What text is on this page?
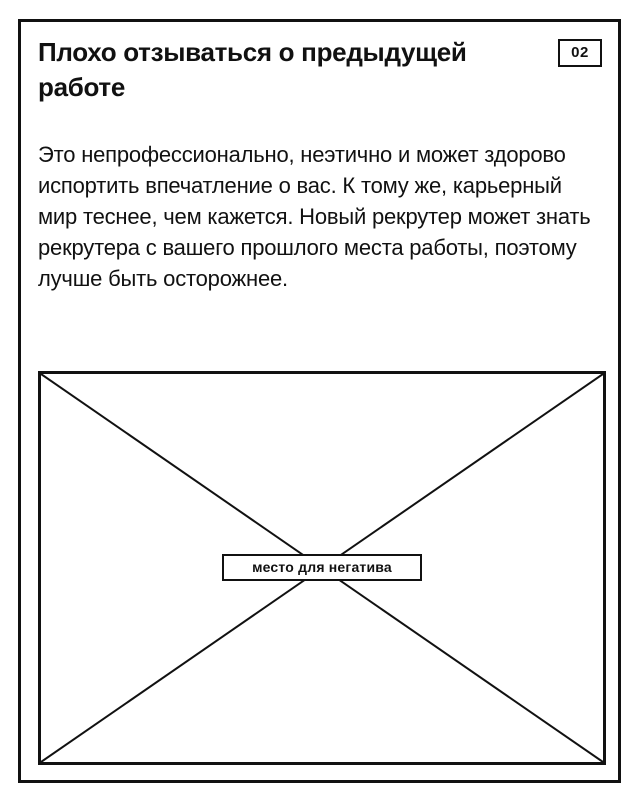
Плохо отзываться о предыдущей работе
02

Это непрофессионально, неэтично и может здорово испортить впечатление о вас. К тому же, карьерный мир теснее, чем кажется. Новый рекрутер может знать рекрутера с вашего прошлого места работы, поэтому лучше быть осторожнее.

место для негатива
